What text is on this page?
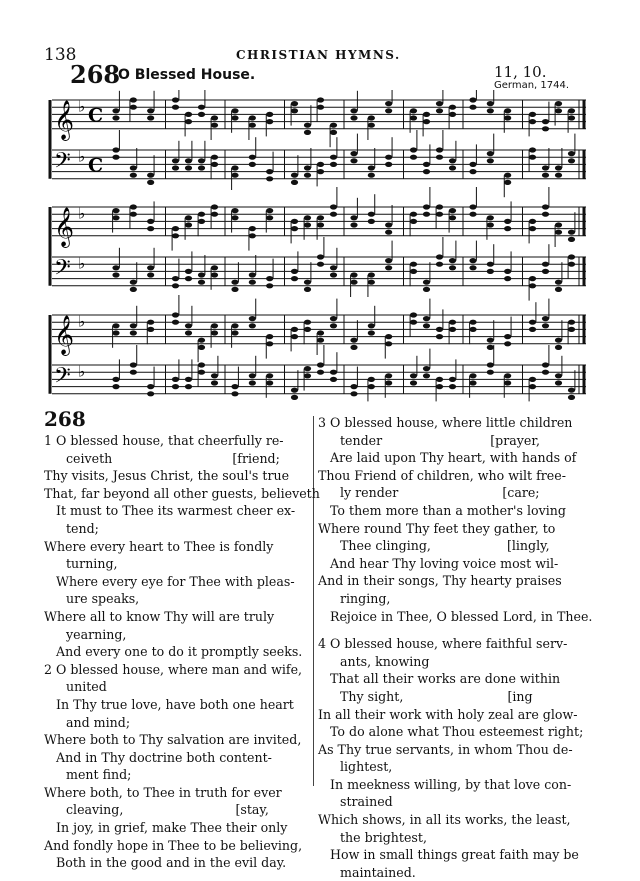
138	CHRISTIAN HYMNS.
268
O Blessed House.	11, 10.
German, 1744.
𝄞 ♭ C
𝄢 ♭ C
𝄞 ♭
𝄢 ♭
𝄞 ♭
𝄢 ♭
268
1 O blessed house, that cheerfully re-
ceiveth                              [friend;
Thy visits, Jesus Christ, the soul's true
That, far beyond all other guests, believeth
It must to Thee its warmest cheer ex-
tend;
Where every heart to Thee is fondly
turning,
Where every eye for Thee with pleas-
ure speaks,
Where all to know Thy will are truly
yearning,
And every one to do it promptly seeks.
2 O blessed house, where man and wife,
united
In Thy true love, have both one heart
and mind;
Where both to Thy salvation are invited,
And in Thy doctrine both content-
ment find;
Where both, to Thee in truth for ever
cleaving,                            [stay,
In joy, in grief, make Thee their only
And fondly hope in Thee to be believing,
Both in the good and in the evil day.
3 O blessed house, where little children
tender                           [prayer,
Are laid upon Thy heart, with hands of
Thou Friend of children, who wilt free-
ly render                          [care;
To them more than a mother's loving
Where round Thy feet they gather, to
Thee clinging,                   [lingly,
And hear Thy loving voice most wil-
And in their songs, Thy hearty praises
ringing,
Rejoice in Thee, O blessed Lord, in Thee.
4 O blessed house, where faithful serv-
ants, knowing
That all their works are done within
Thy sight,                          [ing
In all their work with holy zeal are glow-
To do alone what Thou esteemest right;
As Thy true servants, in whom Thou de-
lightest,
In meekness willing, by that love con-
strained
Which shows, in all its works, the least,
the brightest,
How in small things great faith may be
maintained.
